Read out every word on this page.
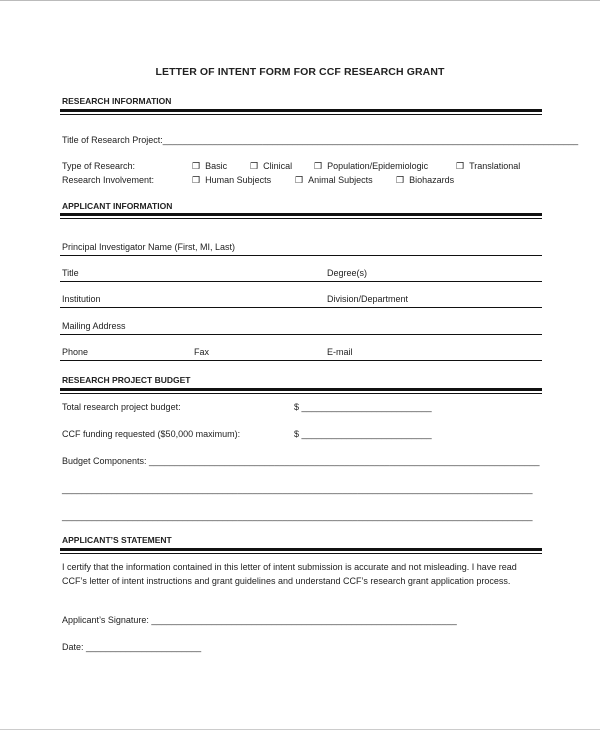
LETTER OF INTENT FORM FOR CCF RESEARCH GRANT
RESEARCH INFORMATION
Title of Research Project:___________________________________________________________________________________
Type of Research:	❒ Basic	❒ Clinical ❒ Population/Epidemiologic	❒ Translational
Research Involvement:	❒ Human Subjects	❒ Animal Subjects	❒ Biohazards
APPLICANT INFORMATION
Principal Investigator Name (First, MI, Last)
Title	Degree(s)
Institution	Division/Department
Mailing Address
Phone	Fax	E-mail
RESEARCH PROJECT BUDGET
Total research project budget:	$ __________________________
CCF funding requested ($50,000 maximum):	$ __________________________
Budget Components: ______________________________________________________________________________
______________________________________________________________________________________________
______________________________________________________________________________________________
APPLICANT’S STATEMENT
I certify that the information contained in this letter of intent submission is accurate and not misleading. I have read CCF’s letter of intent instructions and grant guidelines and understand CCF’s research grant application process.
Applicant’s Signature: _____________________________________________________________
Date: _______________________
